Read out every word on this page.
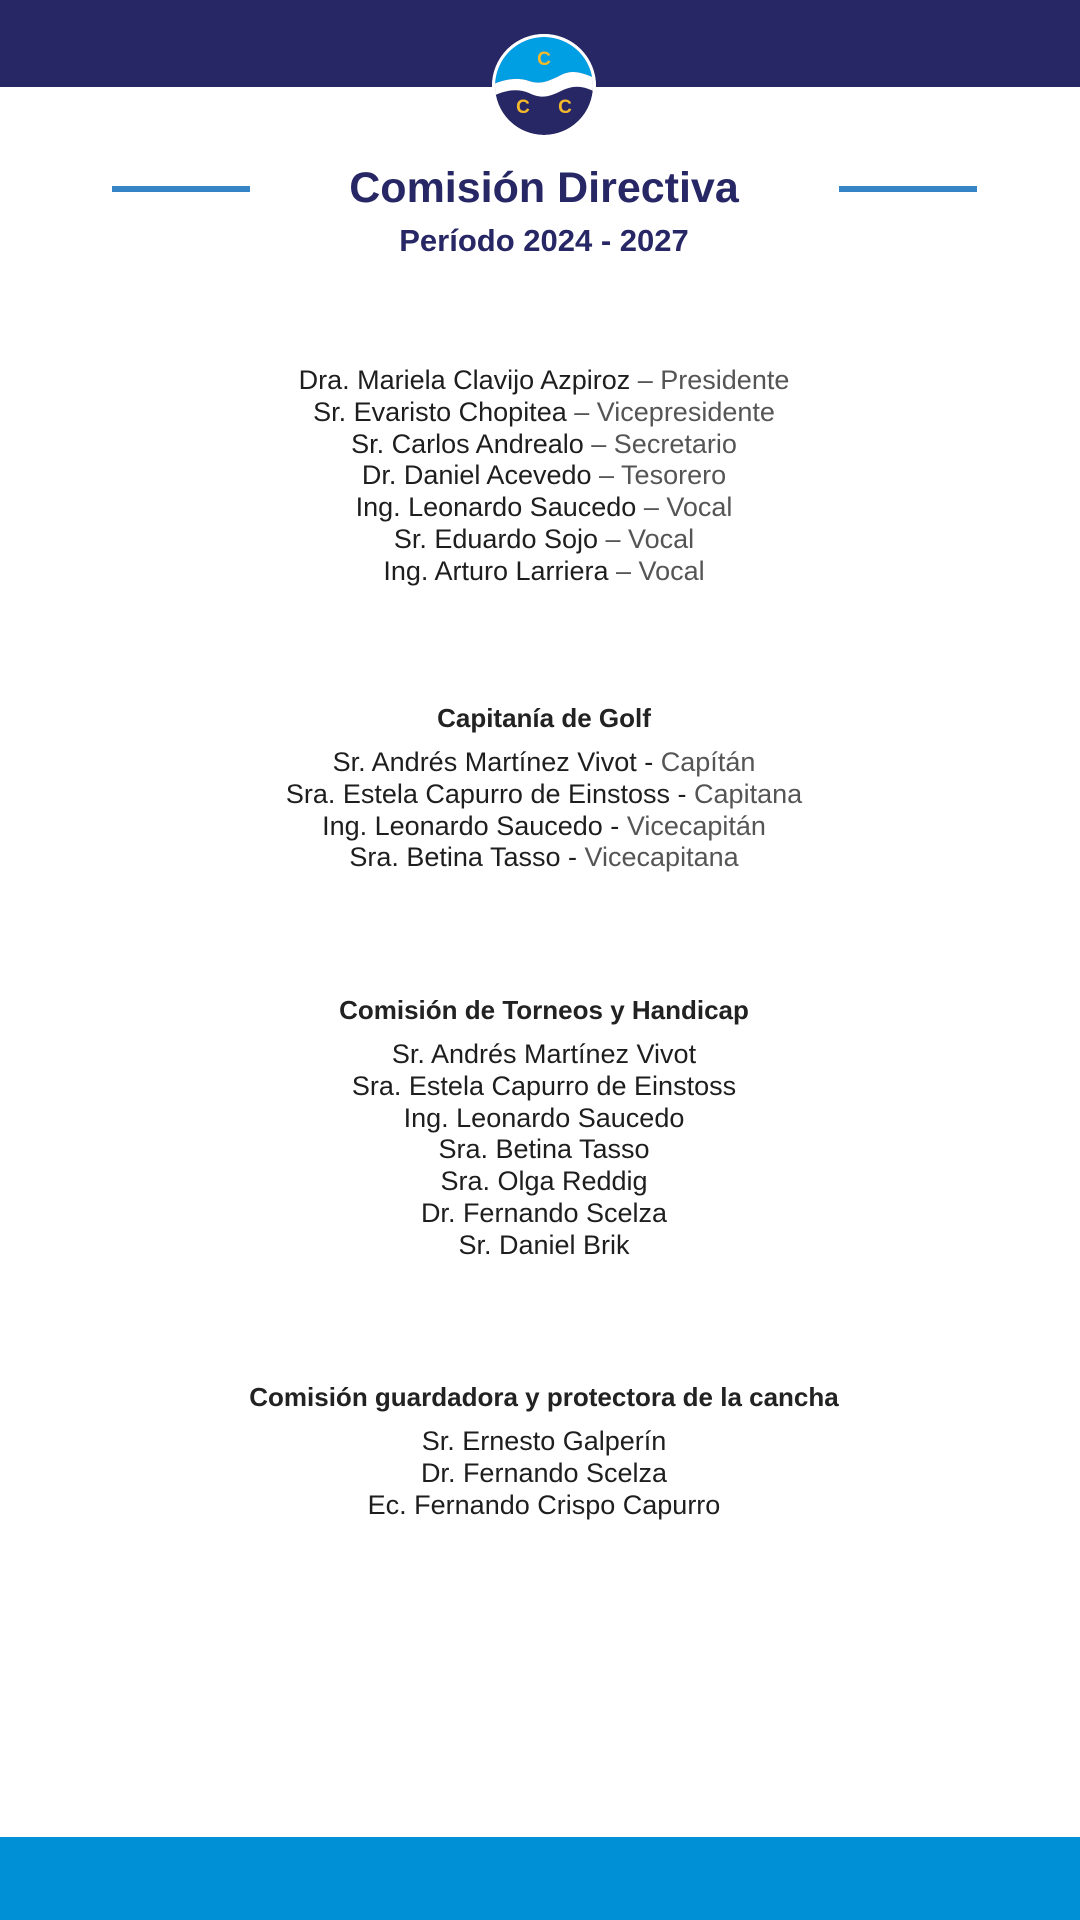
C
C C
Comisión Directiva
Período 2024 - 2027
Dra. Mariela Clavijo Azpiroz – Presidente
Sr. Evaristo Chopitea – Vicepresidente
Sr. Carlos Andrealo – Secretario
Dr. Daniel Acevedo – Tesorero
Ing. Leonardo Saucedo – Vocal
Sr. Eduardo Sojo – Vocal
Ing. Arturo Larriera – Vocal
Capitanía de Golf
Sr. Andrés Martínez Vivot - Capítán
Sra. Estela Capurro de Einstoss - Capitana
Ing. Leonardo Saucedo - Vicecapitán
Sra. Betina Tasso - Vicecapitana
Comisión de Torneos y Handicap
Sr. Andrés Martínez Vivot
Sra. Estela Capurro de Einstoss
Ing. Leonardo Saucedo
Sra. Betina Tasso
Sra. Olga Reddig
Dr. Fernando Scelza
Sr. Daniel Brik
Comisión guardadora y protectora de la cancha
Sr. Ernesto Galperín
Dr. Fernando Scelza
Ec. Fernando Crispo Capurro
